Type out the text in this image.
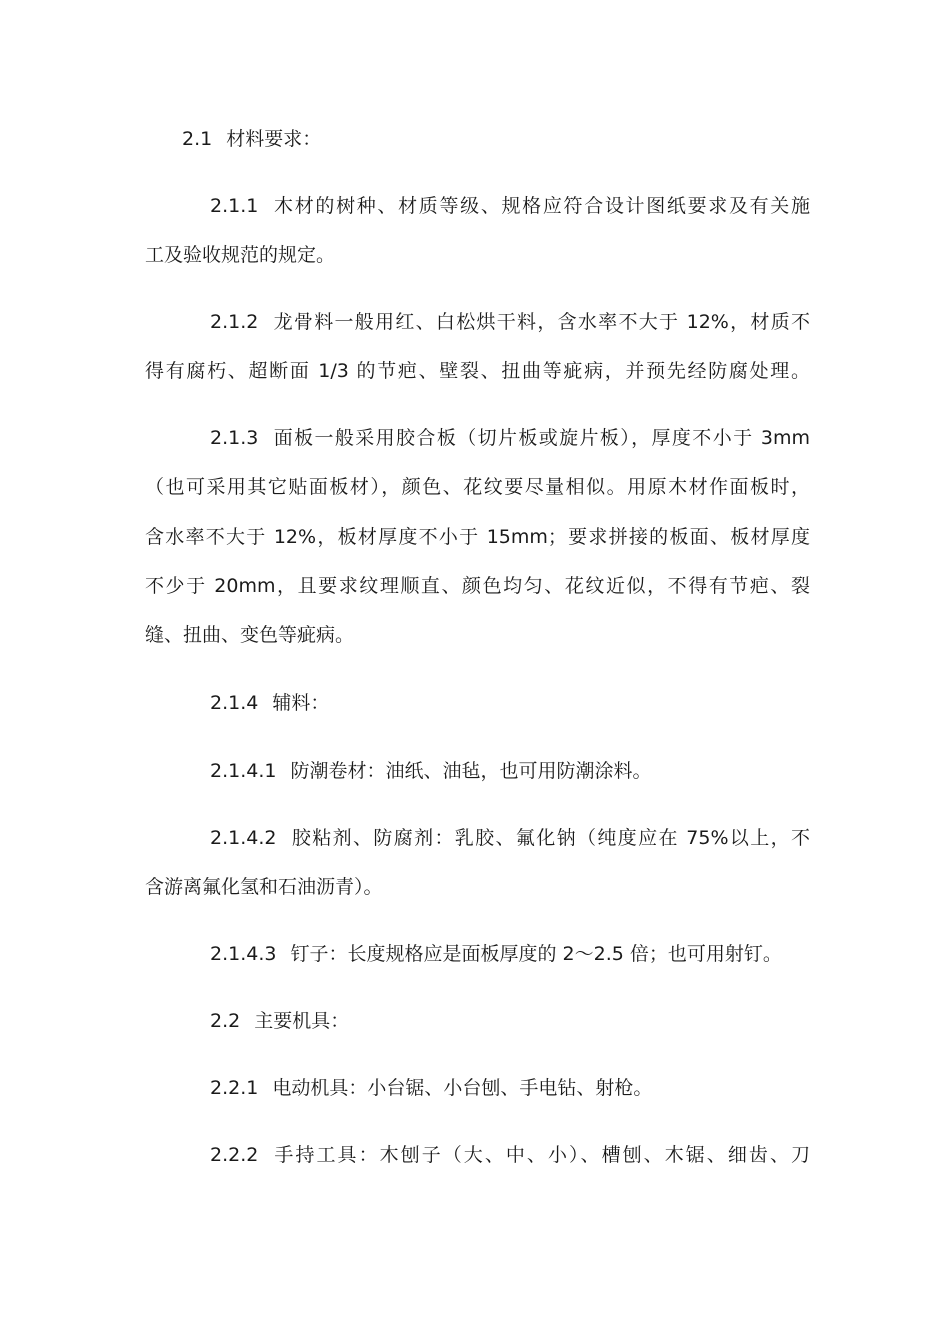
2.1 材料要求：
2.1.1 木材的树种、材质等级、规格应符合设计图纸要求及有关施
工及验收规范的规定。
2.1.2 龙骨料一般用红、白松烘干料，含水率不大于 12%，材质不
得有腐朽、超断面 1/3 的节疤、壁裂、扭曲等疵病，并预先经防腐处理。
2.1.3 面板一般采用胶合板（切片板或旋片板），厚度不小于 3mm
（也可采用其它贴面板材），颜色、花纹要尽量相似。用原木材作面板时，
含水率不大于 12%，板材厚度不小于 15mm；要求拼接的板面、板材厚度
不少于 20mm，且要求纹理顺直、颜色均匀、花纹近似，不得有节疤、裂
缝、扭曲、变色等疵病。
2.1.4 辅料：
2.1.4.1 防潮卷材：油纸、油毡，也可用防潮涂料。
2.1.4.2 胶粘剂、防腐剂：乳胶、氟化钠（纯度应在 75%以上，不
含游离氟化氢和石油沥青）。
2.1.4.3 钉子：长度规格应是面板厚度的 2～2.5 倍；也可用射钉。
2.2 主要机具：
2.2.1 电动机具：小台锯、小台刨、手电钻、射枪。
2.2.2 手持工具：木刨子（大、中、小）、槽刨、木锯、细齿、刀
